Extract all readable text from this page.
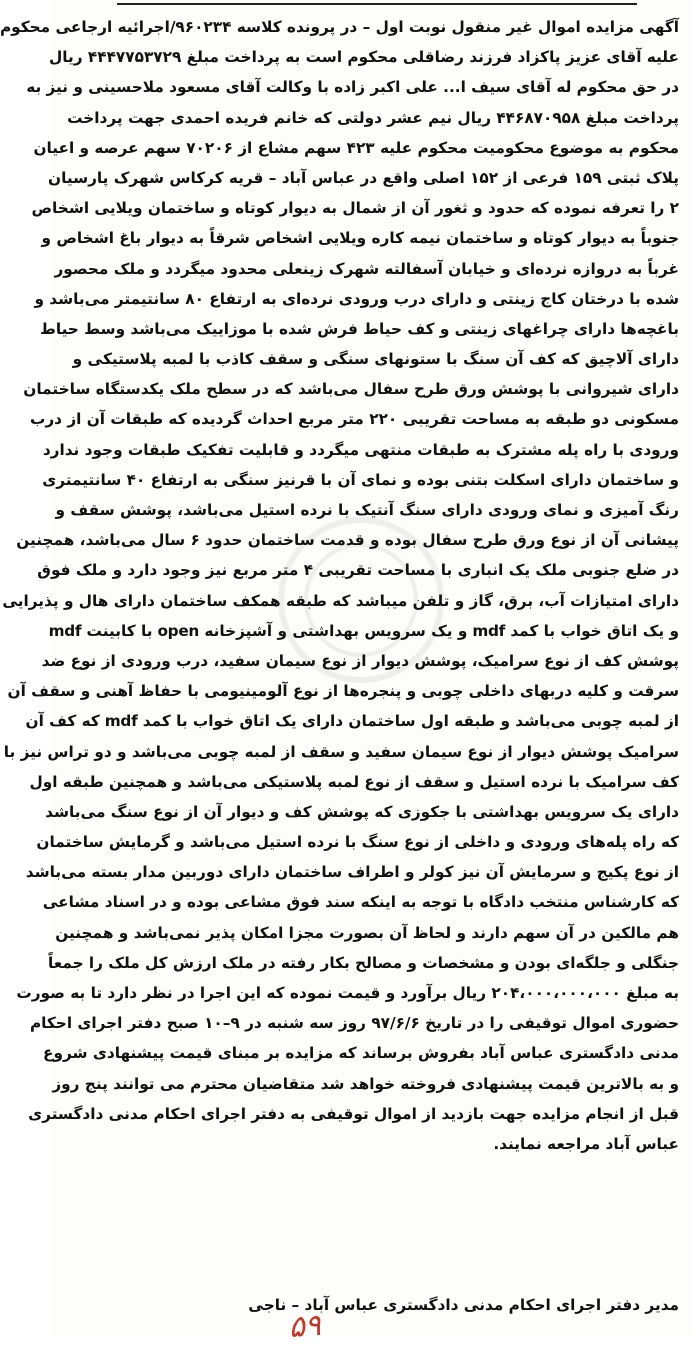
آگهی مزایده اموال غیر منقول نوبت اول – در پرونده کلاسه ۹۶۰۲۳۴/اجرائیه ارجاعی محکوم
علیه آقای عزیز پاکزاد فرزند رضاقلی محکوم است به پرداخت مبلغ ۴۴۴۷۷۵۳۷۲۹ ریال
در حق محکوم له آقای سیف ا... علی اکبر زاده با وکالت آقای مسعود ملاحسینی و نیز به
پرداخت مبلغ ۴۴۶۸۷۰۹۵۸ ریال نیم عشر دولتی که خانم فریده احمدی جهت پرداخت
محکوم به موضوع محکومیت محکوم علیه ۴۲۳ سهم مشاع از ۷۰۲۰۶ سهم عرصه و اعیان
پلاک ثبتی ۱۵۹ فرعی از ۱۵۲ اصلی واقع در عباس آباد – قریه کرکاس شهرک پارسیان
۲ را تعرفه نموده که حدود و ثغور آن از شمال به دیوار کوتاه و ساختمان ویلایی اشخاص
جنوباً به دیوار کوتاه و ساختمان نیمه کاره ویلایی اشخاص شرقاً به دیوار باغ اشخاص و
غرباً به دروازه نرده‌ای و خیابان آسفالته شهرک زینعلی محدود میگردد و ملک محصور
شده با درختان کاج زینتی و دارای درب ورودی نرده‌ای به ارتفاع ۸۰ سانتیمتر می‌باشد و
باغچه‌ها دارای چراغهای زینتی و کف حیاط فرش شده با موزاییک می‌باشد وسط حیاط
دارای آلاچیق که کف آن سنگ با ستونهای سنگی و سقف کاذب با لمبه پلاستیکی و
دارای شیروانی با پوشش ورق طرح سفال می‌باشد که در سطح ملک یکدستگاه ساختمان
مسکونی دو طبقه به مساحت تقریبی ۲۲۰ متر مربع احداث گردیده که طبقات آن از درب
ورودی با راه پله مشترک به طبقات منتهی میگردد و قابلیت تفکیک طبقات وجود ندارد
و ساختمان دارای اسکلت بتنی بوده و نمای آن با قرنیز سنگی به ارتفاع ۴۰ سانتیمتری
رنگ آمیزی و نمای ورودی دارای سنگ آنتیک با نرده استیل می‌باشد، پوشش سقف و
پیشانی آن از نوع ورق طرح سفال بوده و قدمت ساختمان حدود ۶ سال می‌باشد، همچنین
در ضلع جنوبی ملک یک انباری با مساحت تقریبی ۴ متر مربع نیز وجود دارد و ملک فوق
دارای امتیازات آب، برق، گاز و تلفن میباشد که طبقه همکف ساختمان دارای هال و پذیرایی
و یک اتاق خواب با کمد mdf و یک سرویس بهداشتی و آشپزخانه open با کابینت mdf
پوشش کف از نوع سرامیک، پوشش دیوار از نوع سیمان سفید، درب ورودی از نوع ضد
سرقت و کلیه دربهای داخلی چوبی و پنجره‌ها از نوع آلومینیومی با حفاظ آهنی و سقف آن
از لمبه چوبی می‌باشد و طبقه اول ساختمان دارای یک اتاق خواب با کمد mdf که کف آن
سرامیک پوشش دیوار از نوع سیمان سفید و سقف از لمبه چوبی می‌باشد و دو تراس نیز با
کف سرامیک با نرده استیل و سقف از نوع لمبه پلاستیکی می‌باشد و همچنین طبقه اول
دارای یک سرویس بهداشتی با جکوزی که پوشش کف و دیوار آن از نوع سنگ می‌باشد
که راه پله‌های ورودی و داخلی از نوع سنگ با نرده استیل می‌باشد و گرمایش ساختمان
از نوع پکیج و سرمایش آن نیز کولر و اطراف ساختمان دارای دوربین مدار بسته می‌باشد
که کارشناس منتخب دادگاه با توجه به اینکه سند فوق مشاعی بوده و در اسناد مشاعی
هم مالکین در آن سهم دارند و لحاظ آن بصورت مجزا امکان پذیر نمی‌باشد و همچنین
جنگلی و جلگه‌ای بودن و مشخصات و مصالح بکار رفته در ملک ارزش کل ملک را جمعاً
به مبلغ ۲۰۴،۰۰۰،۰۰۰،۰۰۰ ریال برآورد و قیمت نموده که این اجرا در نظر دارد تا به صورت
حضوری اموال توقیفی را در تاریخ ۹۷/۶/۶ روز سه شنبه در ۹–۱۰ صبح دفتر اجرای احکام
مدنی دادگستری عباس آباد بفروش برساند که مزایده بر مبنای قیمت پیشنهادی شروع
و به بالاترین قیمت پیشنهادی فروخته خواهد شد متقاضیان محترم می توانند پنج روز
قبل از انجام مزایده جهت بازدید از اموال توقیفی به دفتر اجرای احکام مدنی دادگستری
عباس آباد مراجعه نمایند.
مدیر دفتر اجرای احکام مدنی دادگستری عباس آباد – ناجی
۵۹
